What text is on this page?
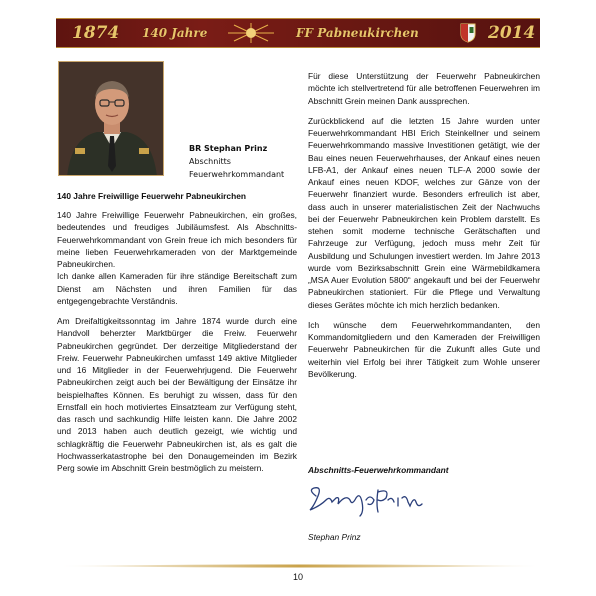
1874 140 Jahre	FF Pabneukirchen	2014
BR Stephan Prinz
Abschnitts
Feuerwehrkommandant
140 Jahre Freiwillige Feuerwehr Pabneukirchen

140 Jahre Freiwillige Feuerwehr Pabneukirchen, ein großes, bedeutendes und freudiges Jubiläumsfest. Als Abschnitts-Feuerwehrkommandant von Grein freue ich mich besonders für meine lieben Feuerwehrkameraden von der Marktgemeinde Pabneukirchen.

Ich danke allen Kameraden für ihre ständige Bereitschaft zum Dienst am Nächsten und ihren Familien für das entgegengebrachte Verständnis.

Am Dreifaltigkeitssonntag im Jahre 1874 wurde durch eine Handvoll beherzter Marktbürger die Freiw. Feuerwehr Pabneukirchen gegründet. Der derzeitige Mitgliederstand der Freiw. Feuerwehr Pabneukirchen umfasst 149 aktive Mitglieder und 16 Mitglieder in der Feuerwehrjugend. Die Feuerwehr Pabneukirchen zeigt auch bei der Bewältigung der Einsätze ihr beispielhaftes Können. Es beruhigt zu wissen, dass für den Ernstfall ein hoch motiviertes Einsatzteam zur Verfügung steht, das rasch und sachkundig Hilfe leisten kann. Die Jahre 2002 und 2013 haben auch deutlich gezeigt, wie wichtig und schlagkräftig die Feuerwehr Pabneukirchen ist, als es galt die Hochwasserkatastrophe bei den Donaugemeinden im Bezirk Perg sowie im Abschnitt Grein bestmöglich zu meistern.

Für diese Unterstützung der Feuerwehr Pabneukirchen möchte ich stellvertretend für alle betroffenen Feuerwehren im Abschnitt Grein meinen Dank aussprechen.

Zurückblickend auf die letzten 15 Jahre wurden unter Feuerwehrkommandant HBI Erich Steinkellner und seinem Feuerwehrkommando massive Investitionen getätigt, wie der Bau eines neuen Feuerwehrhauses, der Ankauf eines neuen LFB-A1, der Ankauf eines neuen TLF-A 2000 sowie der Ankauf eines neuen KDOF, welches zur Gänze von der Feuerwehr finanziert wurde. Besonders erfreulich ist aber, dass auch in unserer materialistischen Zeit der Nachwuchs bei der Feuerwehr Pabneukirchen kein Problem darstellt. Es stehen somit moderne technische Gerätschaften und Fahrzeuge zur Verfügung, jedoch muss mehr Zeit für Ausbildung und Schulungen investiert werden. Im Jahre 2013 wurde vom Bezirksabschnitt Grein eine Wärmebildkamera „MSA Auer Evolution 5800“ angekauft und bei der Feuerwehr Pabneukirchen stationiert. Für die Pflege und Verwaltung dieses Gerätes möchte ich mich herzlich bedanken.

Ich wünsche dem Feuerwehrkommandanten, den Kommandomitgliedern und den Kameraden der Freiwilligen Feuerwehr Pabneukirchen für die Zukunft alles Gute und weiterhin viel Erfolg bei ihrer Tätigkeit zum Wohle unserer Bevölkerung.

Abschnitts-Feuerwehrkommandant
Stephan Prinz
10
